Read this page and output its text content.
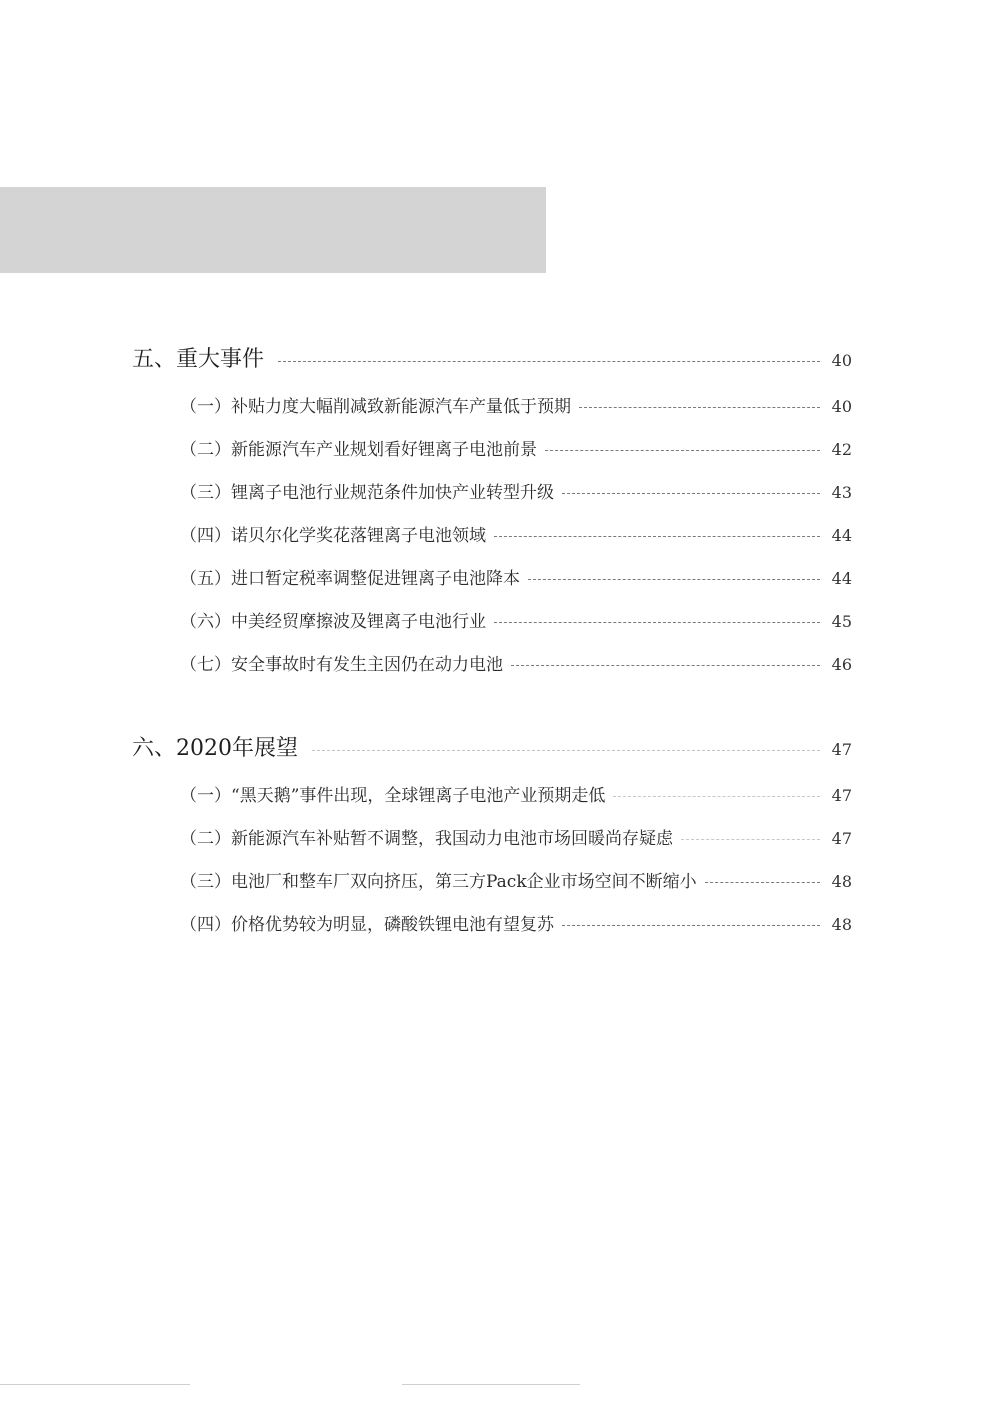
五、重大事件	40
（一）补贴力度大幅削减致新能源汽车产量低于预期	40
（二）新能源汽车产业规划看好锂离子电池前景	42
（三）锂离子电池行业规范条件加快产业转型升级	43
（四）诺贝尔化学奖花落锂离子电池领域	44
（五）进口暂定税率调整促进锂离子电池降本	44
（六）中美经贸摩擦波及锂离子电池行业	45
（七）安全事故时有发生主因仍在动力电池	46
六、2020年展望	47
（一）“黑天鹅”事件出现，全球锂离子电池产业预期走低	47
（二）新能源汽车补贴暂不调整，我国动力电池市场回暖尚存疑虑	47
（三）电池厂和整车厂双向挤压，第三方Pack企业市场空间不断缩小	48
（四）价格优势较为明显，磷酸铁锂电池有望复苏	48
